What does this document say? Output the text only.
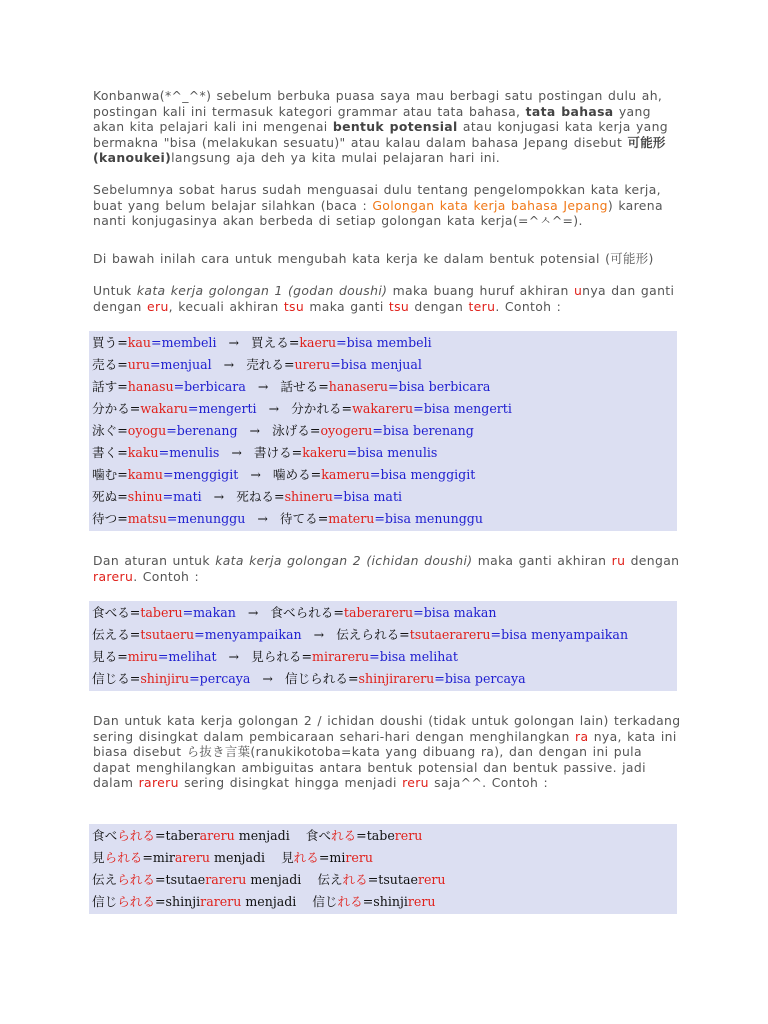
Konbanwa(*^_^*) sebelum berbuka puasa saya mau berbagi satu postingan dulu ah, postingan kali ini termasuk kategori grammar atau tata bahasa, tata bahasa yang akan kita pelajari kali ini mengenai bentuk potensial atau konjugasi kata kerja yang bermakna "bisa (melakukan sesuatu)" atau kalau dalam bahasa Jepang disebut 可能形(kanoukei)langsung aja deh ya kita mulai pelajaran hari ini.
Sebelumnya sobat harus sudah menguasai dulu tentang pengelompokkan kata kerja, buat yang belum belajar silahkan (baca : Golongan kata kerja bahasa Jepang) karena nanti konjugasinya akan berbeda di setiap golongan kata kerja(=^ㅅ^=).
Di bawah inilah cara untuk mengubah kata kerja ke dalam bentuk potensial (可能形)
Untuk kata kerja golongan 1 (godan doushi) maka buang huruf akhiran unya dan ganti dengan eru, kecuali akhiran tsu maka ganti tsu dengan teru. Contoh :
買う=kau=membeli → 買える=kaeru=bisa membeli
売る=uru=menjual → 売れる=ureru=bisa menjual
話す=hanasu=berbicara → 話せる=hanaseru=bisa berbicara
分かる=wakaru=mengerti → 分かれる=wakareru=bisa mengerti
泳ぐ=oyogu=berenang → 泳げる=oyogeru=bisa berenang
書く=kaku=menulis → 書ける=kakeru=bisa menulis
噛む=kamu=menggigit → 噛める=kameru=bisa menggigit
死ぬ=shinu=mati → 死ねる=shineru=bisa mati
待つ=matsu=menunggu → 待てる=materu=bisa menunggu
Dan aturan untuk kata kerja golongan 2 (ichidan doushi) maka ganti akhiran ru dengan rareru. Contoh :
食べる=taberu=makan → 食べられる=taberareru=bisa makan
伝える=tsutaeru=menyampaikan → 伝えられる=tsutaerareru=bisa menyampaikan
見る=miru=melihat → 見られる=mirareru=bisa melihat
信じる=shinjiru=percaya → 信じられる=shinjirareru=bisa percaya
Dan untuk kata kerja golongan 2 / ichidan doushi (tidak untuk golongan lain) terkadang sering disingkat dalam pembicaraan sehari-hari dengan menghilangkan ra nya, kata ini biasa disebut ら抜き言葉(ranukikotoba=kata yang dibuang ra), dan dengan ini pula dapat menghilangkan ambiguitas antara bentuk potensial dan bentuk passive. jadi dalam rareru sering disingkat hingga menjadi reru saja^^. Contoh :
食べられる=taberareru menjadi 食べれる=tabereru
見られる=mirareru menjadi 見れる=mireru
伝えられる=tsutaerareru menjadi 伝えれる=tsutaereru
信じられる=shinjirareru menjadi 信じれる=shinjireru
